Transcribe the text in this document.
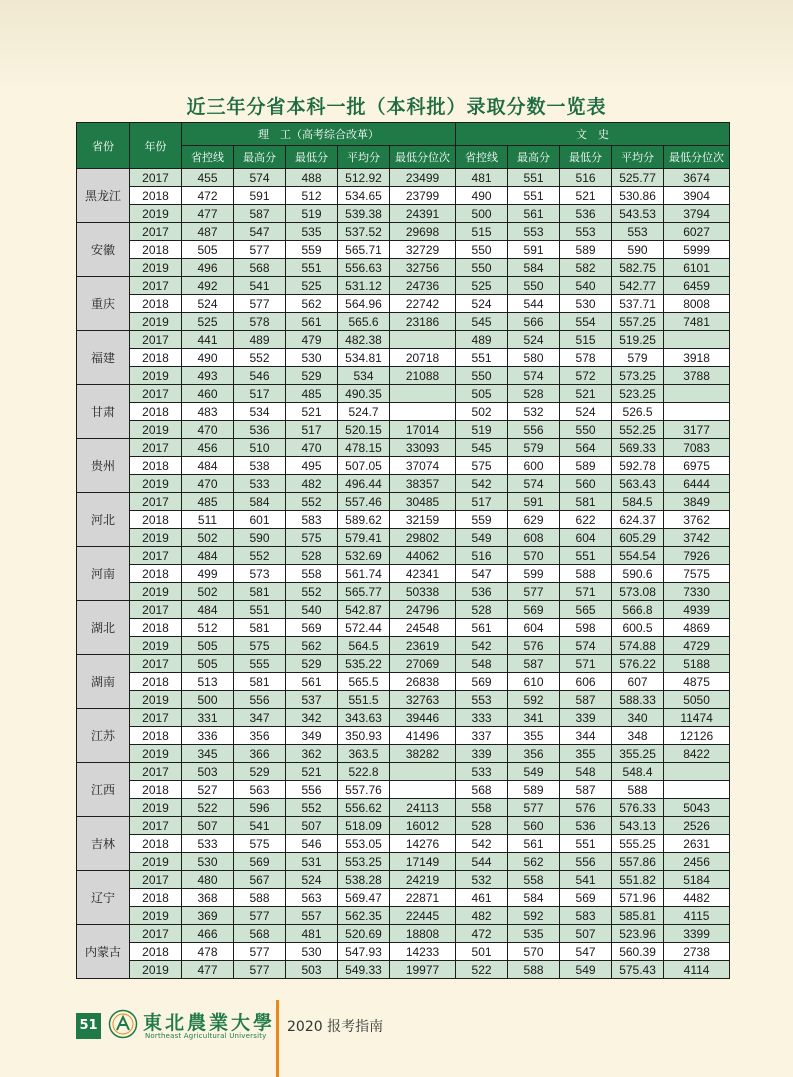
近三年分省本科一批（本科批）录取分数一览表
省份	年份	理　工（高考综合改革）					文　史				
		省控线	最高分	最低分	平均分	最低分位次	省控线	最高分	最低分	平均分	最低分位次
黑龙江	2017	455	574	488	512.92	23499	481	551	516	525.77	3674
	2018	472	591	512	534.65	23799	490	551	521	530.86	3904
	2019	477	587	519	539.38	24391	500	561	536	543.53	3794
安徽	2017	487	547	535	537.52	29698	515	553	553	553	6027
	2018	505	577	559	565.71	32729	550	591	589	590	5999
	2019	496	568	551	556.63	32756	550	584	582	582.75	6101
重庆	2017	492	541	525	531.12	24736	525	550	540	542.77	6459
	2018	524	577	562	564.96	22742	524	544	530	537.71	8008
	2019	525	578	561	565.6	23186	545	566	554	557.25	7481
福建	2017	441	489	479	482.38		489	524	515	519.25	
	2018	490	552	530	534.81	20718	551	580	578	579	3918
	2019	493	546	529	534	21088	550	574	572	573.25	3788
甘肃	2017	460	517	485	490.35		505	528	521	523.25	
	2018	483	534	521	524.7		502	532	524	526.5	
	2019	470	536	517	520.15	17014	519	556	550	552.25	3177
贵州	2017	456	510	470	478.15	33093	545	579	564	569.33	7083
	2018	484	538	495	507.05	37074	575	600	589	592.78	6975
	2019	470	533	482	496.44	38357	542	574	560	563.43	6444
河北	2017	485	584	552	557.46	30485	517	591	581	584.5	3849
	2018	511	601	583	589.62	32159	559	629	622	624.37	3762
	2019	502	590	575	579.41	29802	549	608	604	605.29	3742
河南	2017	484	552	528	532.69	44062	516	570	551	554.54	7926
	2018	499	573	558	561.74	42341	547	599	588	590.6	7575
	2019	502	581	552	565.77	50338	536	577	571	573.08	7330
湖北	2017	484	551	540	542.87	24796	528	569	565	566.8	4939
	2018	512	581	569	572.44	24548	561	604	598	600.5	4869
	2019	505	575	562	564.5	23619	542	576	574	574.88	4729
湖南	2017	505	555	529	535.22	27069	548	587	571	576.22	5188
	2018	513	581	561	565.5	26838	569	610	606	607	4875
	2019	500	556	537	551.5	32763	553	592	587	588.33	5050
江苏	2017	331	347	342	343.63	39446	333	341	339	340	11474
	2018	336	356	349	350.93	41496	337	355	344	348	12126
	2019	345	366	362	363.5	38282	339	356	355	355.25	8422
江西	2017	503	529	521	522.8		533	549	548	548.4	
	2018	527	563	556	557.76		568	589	587	588	
	2019	522	596	552	556.62	24113	558	577	576	576.33	5043
吉林	2017	507	541	507	518.09	16012	528	560	536	543.13	2526
	2018	533	575	546	553.05	14276	542	561	551	555.25	2631
	2019	530	569	531	553.25	17149	544	562	556	557.86	2456
辽宁	2017	480	567	524	538.28	24219	532	558	541	551.82	5184
	2018	368	588	563	569.47	22871	461	584	569	571.96	4482
	2019	369	577	557	562.35	22445	482	592	583	585.81	4115
内蒙古	2017	466	568	481	520.69	18808	472	535	507	523.96	3399
	2018	478	577	530	547.93	14233	501	570	547	560.39	2738
	2019	477	577	503	549.33	19977	522	588	549	575.43	4114
51 東北農業大學
Northeast Agricultural University
2020 报考指南
